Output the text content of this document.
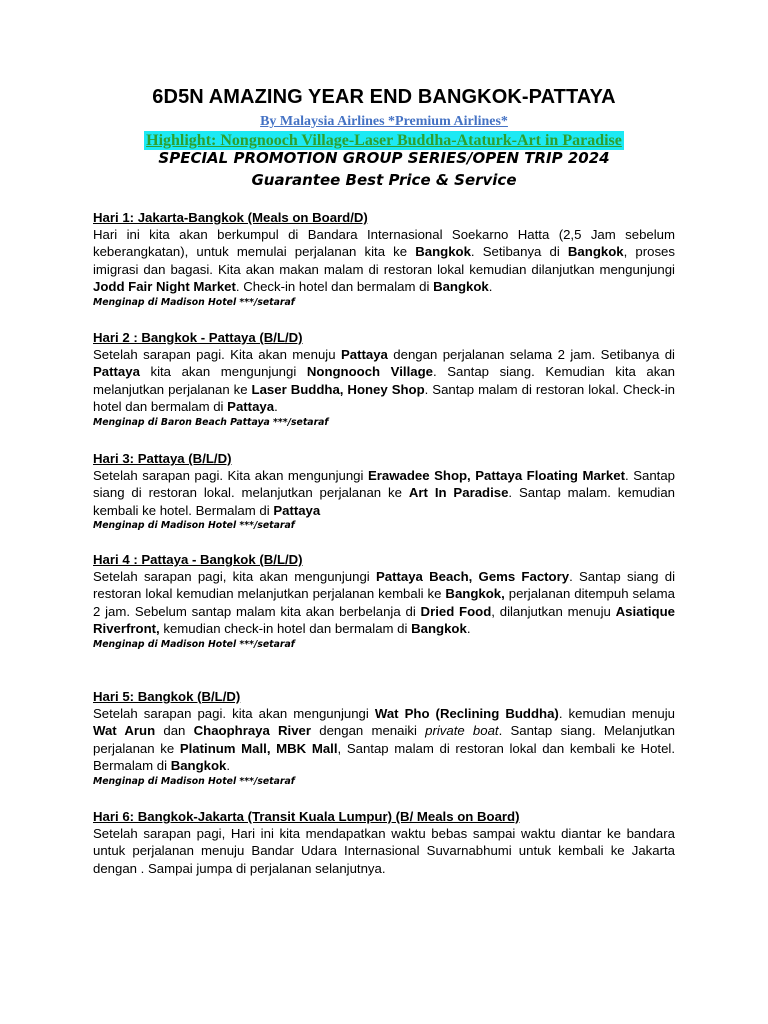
6D5N AMAZING YEAR END BANGKOK-PATTAYA
By Malaysia Airlines *Premium Airlines*
Highlight: Nongnooch Village-Laser Buddha-Ataturk-Art in Paradise
SPECIAL PROMOTION GROUP SERIES/OPEN TRIP 2024
Guarantee Best Price & Service
Hari 1: Jakarta-Bangkok (Meals on Board/D)

Hari ini kita akan berkumpul di Bandara Internasional Soekarno Hatta (2,5 Jam sebelum keberangkatan), untuk memulai perjalanan kita ke Bangkok. Setibanya di Bangkok, proses imigrasi dan bagasi. Kita akan makan malam di restoran lokal kemudian dilanjutkan mengunjungi Jodd Fair Night Market. Check-in hotel dan bermalam di Bangkok.

Menginap di Madison Hotel ***/setaraf
Hari 2 : Bangkok - Pattaya (B/L/D)

Setelah sarapan pagi. Kita akan menuju Pattaya dengan perjalanan selama 2 jam. Setibanya di Pattaya kita akan mengunjungi Nongnooch Village. Santap siang. Kemudian kita akan melanjutkan perjalanan ke Laser Buddha, Honey Shop. Santap malam di restoran lokal. Check-in hotel dan bermalam di Pattaya.

Menginap di Baron Beach Pattaya ***/setaraf
Hari 3: Pattaya (B/L/D)

Setelah sarapan pagi. Kita akan mengunjungi Erawadee Shop, Pattaya Floating Market. Santap siang di restoran lokal. melanjutkan perjalanan ke Art In Paradise. Santap malam. kemudian kembali ke hotel. Bermalam di Pattaya

Menginap di Madison Hotel ***/setaraf
Hari 4 : Pattaya - Bangkok (B/L/D)

Setelah sarapan pagi, kita akan mengunjungi Pattaya Beach, Gems Factory. Santap siang di restoran lokal kemudian melanjutkan perjalanan kembali ke Bangkok, perjalanan ditempuh selama 2 jam. Sebelum santap malam kita akan berbelanja di Dried Food, dilanjutkan menuju Asiatique Riverfront, kemudian check-in hotel dan bermalam di Bangkok.

Menginap di Madison Hotel ***/setaraf
Hari 5: Bangkok (B/L/D)

Setelah sarapan pagi. kita akan mengunjungi Wat Pho (Reclining Buddha). kemudian menuju Wat Arun dan Chaophraya River dengan menaiki private boat. Santap siang. Melanjutkan perjalanan ke Platinum Mall, MBK Mall, Santap malam di restoran lokal dan kembali ke Hotel. Bermalam di Bangkok.

Menginap di Madison Hotel ***/setaraf
Hari 6: Bangkok-Jakarta (Transit Kuala Lumpur) (B/ Meals on Board)

Setelah sarapan pagi, Hari ini kita mendapatkan waktu bebas sampai waktu diantar ke bandara untuk perjalanan menuju Bandar Udara Internasional Suvarnabhumi untuk kembali ke Jakarta dengan . Sampai jumpa di perjalanan selanjutnya.
